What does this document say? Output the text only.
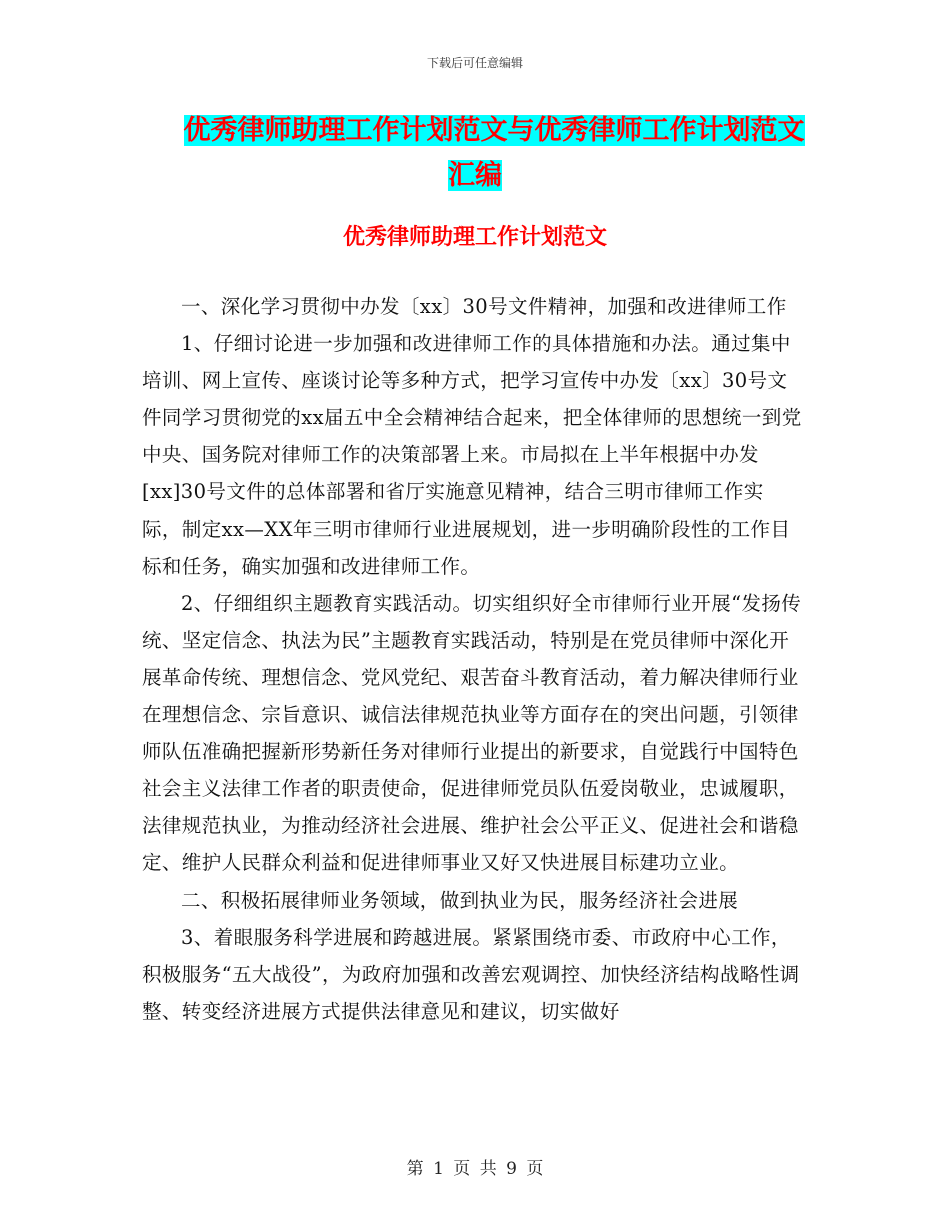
下载后可任意编辑
优秀律师助理工作计划范文与优秀律师工作计划范文
汇编
优秀律师助理工作计划范文

一、深化学习贯彻中办发〔xx〕30号文件精神，加强和改进律师工作

1、仔细讨论进一步加强和改进律师工作的具体措施和办法。通过集中培训、网上宣传、座谈讨论等多种方式，把学习宣传中办发〔xx〕30号文件同学习贯彻党的xx届五中全会精神结合起来，把全体律师的思想统一到党中央、国务院对律师工作的决策部署上来。市局拟在上半年根据中办发[xx]30号文件的总体部署和省厅实施意见精神，结合三明市律师工作实际，制定xx—XX年三明市律师行业进展规划，进一步明确阶段性的工作目标和任务，确实加强和改进律师工作。

2、仔细组织主题教育实践活动。切实组织好全市律师行业开展“发扬传统、坚定信念、执法为民”主题教育实践活动，特别是在党员律师中深化开展革命传统、理想信念、党风党纪、艰苦奋斗教育活动，着力解决律师行业在理想信念、宗旨意识、诚信法律规范执业等方面存在的突出问题，引领律师队伍准确把握新形势新任务对律师行业提出的新要求，自觉践行中国特色社会主义法律工作者的职责使命，促进律师党员队伍爱岗敬业，忠诚履职，法律规范执业，为推动经济社会进展、维护社会公平正义、促进社会和谐稳定、维护人民群众利益和促进律师事业又好又快进展目标建功立业。

二、积极拓展律师业务领域，做到执业为民，服务经济社会进展

3、着眼服务科学进展和跨越进展。紧紧围绕市委、市政府中心工作，积极服务“五大战役”，为政府加强和改善宏观调控、加快经济结构战略性调整、转变经济进展方式提供法律意见和建议，切实做好

第 1 页 共 9 页
